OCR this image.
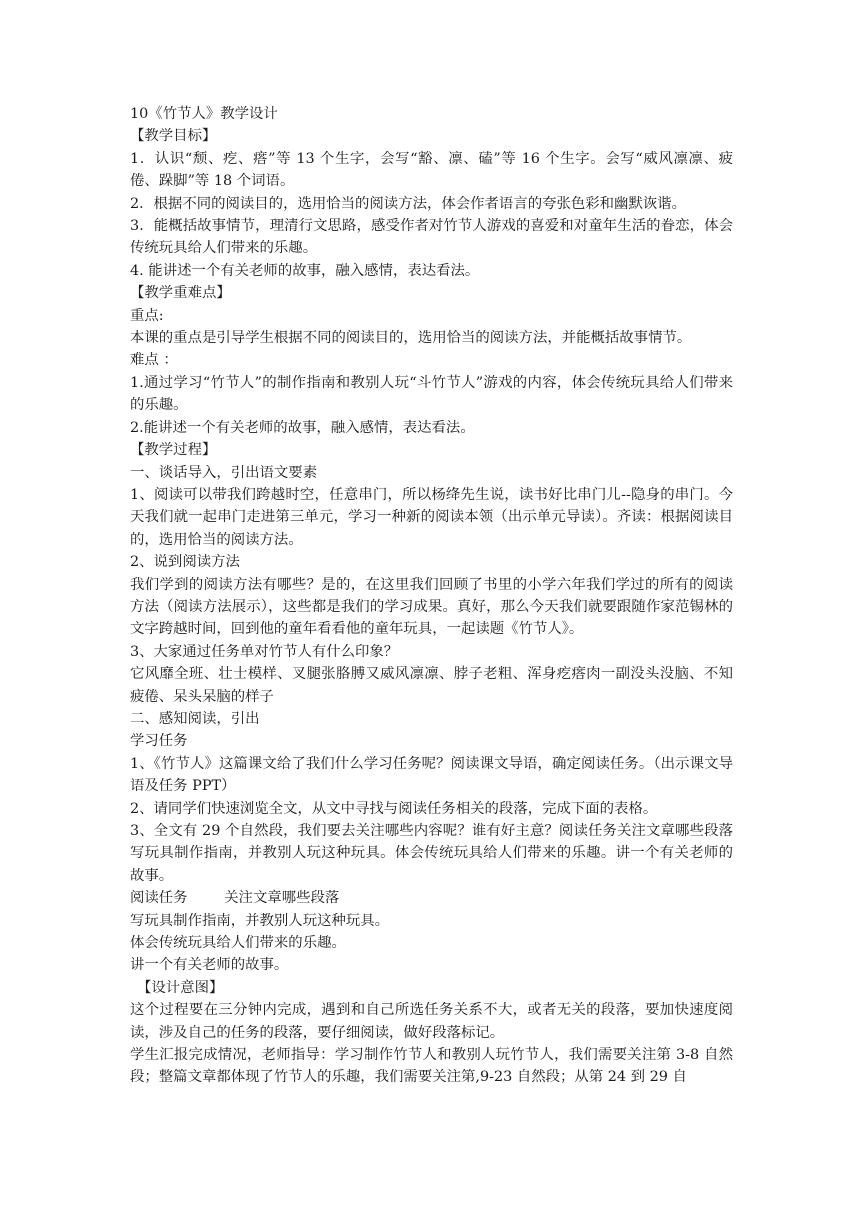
10《竹节人》教学设计

【教学目标】

1．认识“颓、疙、瘩”等 13 个生字，会写“豁、凛、磕”等 16 个生字。会写“威风凛凛、疲倦、跺脚”等 18 个词语。

2．根据不同的阅读目的，选用恰当的阅读方法，体会作者语言的夸张色彩和幽默诙谐。

3．能概括故事情节，理清行文思路，感受作者对竹节人游戏的喜爱和对童年生活的眷恋，体会传统玩具给人们带来的乐趣。

4. 能讲述一个有关老师的故事，融入感情，表达看法。

【教学重难点】

重点:

本课的重点是引导学生根据不同的阅读目的，选用恰当的阅读方法，并能概括故事情节。

难点 ：

1.通过学习“竹节人”的制作指南和教别人玩“斗竹节人”游戏的内容，体会传统玩具给人们带来的乐趣。

2.能讲述一个有关老师的故事，融入感情，表达看法。

【教学过程】

一、谈话导入，引出语文要素

1、阅读可以带我们跨越时空，任意串门，所以杨绛先生说，读书好比串门儿--隐身的串门。今天我们就一起串门走进第三单元，学习一种新的阅读本领（出示单元导读）。齐读：根据阅读目的，选用恰当的阅读方法。

2、说到阅读方法

我们学到的阅读方法有哪些？是的，在这里我们回顾了书里的小学六年我们学过的所有的阅读方法（阅读方法展示），这些都是我们的学习成果。真好，那么今天我们就要跟随作家范锡林的文字跨越时间，回到他的童年看看他的童年玩具，一起读题《竹节人》。

3、大家通过任务单对竹节人有什么印象？

它风靡全班、壮士模样、叉腿张胳膊又威风凛凛、脖子老粗、浑身疙瘩肉一副没头没脑、不知疲倦、呆头呆脑的样子

二、感知阅读，引出

学习任务

1、《竹节人》这篇课文给了我们什么学习任务呢？阅读课文导语，确定阅读任务。（出示课文导语及任务 PPT）

2、请同学们快速浏览全文，从文中寻找与阅读任务相关的段落，完成下面的表格。

3、全文有 29 个自然段，我们要去关注哪些内容呢？谁有好主意？阅读任务关注文章哪些段落写玩具制作指南，并教别人玩这种玩具。体会传统玩具给人们带来的乐趣。讲一个有关老师的故事。

阅读任务        关注文章哪些段落

写玩具制作指南，并教别人玩这种玩具。

体会传统玩具给人们带来的乐趣。

讲一个有关老师的故事。

【设计意图】

这个过程要在三分钟内完成，遇到和自己所选任务关系不大，或者无关的段落，要加快速度阅读，涉及自己的任务的段落，要仔细阅读，做好段落标记。

学生汇报完成情况，老师指导：学习制作竹节人和教别人玩竹节人，我们需要关注第 3-8 自然段；整篇文章都体现了竹节人的乐趣，我们需要关注第,9-23 自然段；从第 24 到 29 自
